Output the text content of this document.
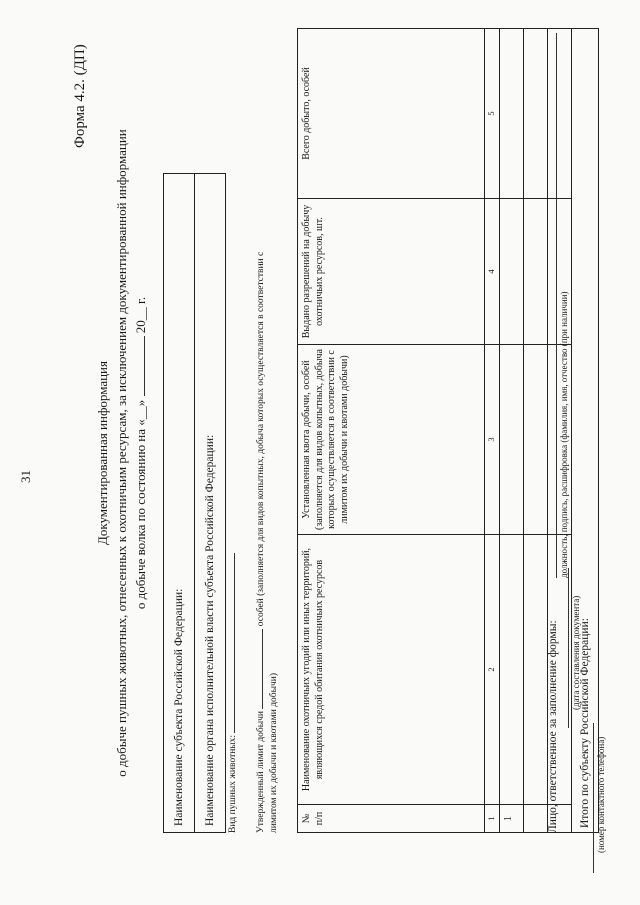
31
Форма 4.2. (ДП)
Документированная информация о добыче пушных животных, отнесенных к охотничьим ресурсам, за исключением документированной информации о добыче волка по состоянию на «__»  20__ г.
Наименование субъекта Российской Федерации:
Наименование органа исполнительной власти субъекта Российской Федерации: Вид пушных животных: Утвержденный лимит добычи  особей (заполняется для видов копытных, добыча которых осуществляется в соответствии с
лимитом их добычи и квотами добычи) № п/п	Наименование охотничьих угодий или иных территорий, являющихся средой обитания охотничьих ресурсов	Установленная квота добычи, особей (заполняется для видов копытных, добыча которых осуществляется в соответствии с лимитом их добычи и квотами добычи)	Выдано разрешений на добычу охотничьих ресурсов, шт.	Всего добыто, особей
1	2	3	4	5
1				

Итого по субъекту Российской Федерации:				
Лицо, ответственное за заполнение формы:
должность, подпись, расшифровка (фамилия, имя, отчество (при наличии)
(дата составления документа)
(номер контактного телефона)
